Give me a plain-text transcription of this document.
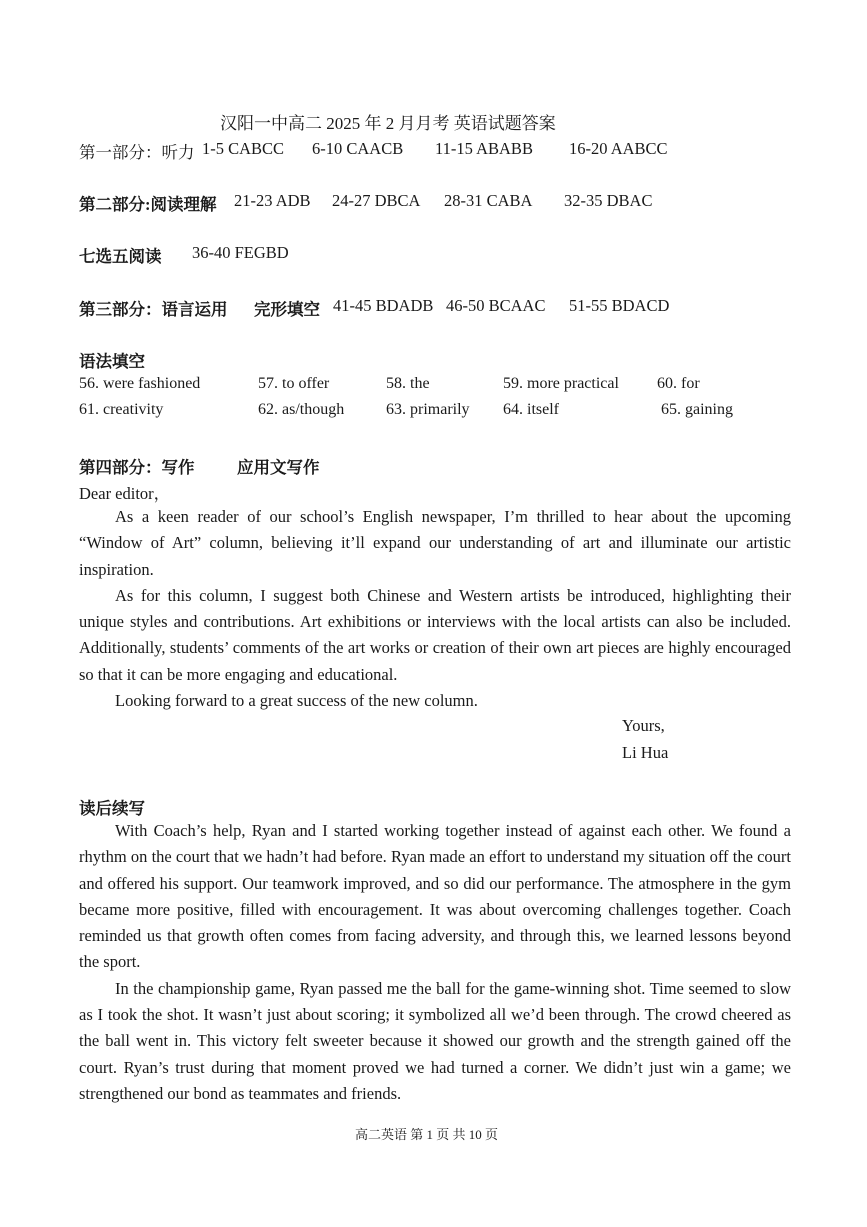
汉阳一中高二 2025 年 2 月月考 英语试题答案
第一部分：听力 1-5 CABCC 6-10 CAACB 11-15 ABABB 16-20 AABCC
第二部分:阅读理解 21-23 ADB 24-27 DBCA 28-31 CABA 32-35 DBAC
七选五阅读 36-40 FEGBD
第三部分：语言运用 完形填空 41-45 BDADB 46-50 BCAAC 51-55 BDACD
语法填空
56. were fashioned	57. to offer	58. the	59. more practical 60. for
61. creativity	62. as/though	63. primarily 64. itself	65. gaining
第四部分：写作	应用文写作
Dear editor，

As a keen reader of our school’s English newspaper, I’m thrilled to hear about the upcoming “Window of Art” column, believing it’ll expand our understanding of art and illuminate our artistic inspiration.

As for this column, I suggest both Chinese and Western artists be introduced, highlighting their unique styles and contributions. Art exhibitions or interviews with the local artists can also be included. Additionally, students’ comments of the art works or creation of their own art pieces are highly encouraged so that it can be more engaging and educational.

Looking forward to a great success of the new column.

Yours,
Li Hua
读后续写

With Coach’s help, Ryan and I started working together instead of against each other. We found a rhythm on the court that we hadn’t had before. Ryan made an effort to understand my situation off the court and offered his support. Our teamwork improved, and so did our performance. The atmosphere in the gym became more positive, filled with encouragement. It was about overcoming challenges together. Coach reminded us that growth often comes from facing adversity, and through this, we learned lessons beyond the sport.

In the championship game, Ryan passed me the ball for the game-winning shot. Time seemed to slow as I took the shot. It wasn’t just about scoring; it symbolized all we’d been through. The crowd cheered as the ball went in. This victory felt sweeter because it showed our growth and the strength gained off the court. Ryan’s trust during that moment proved we had turned a corner. We didn’t just win a game; we strengthened our bond as teammates and friends.

高二英语 第 1 页 共 10 页
